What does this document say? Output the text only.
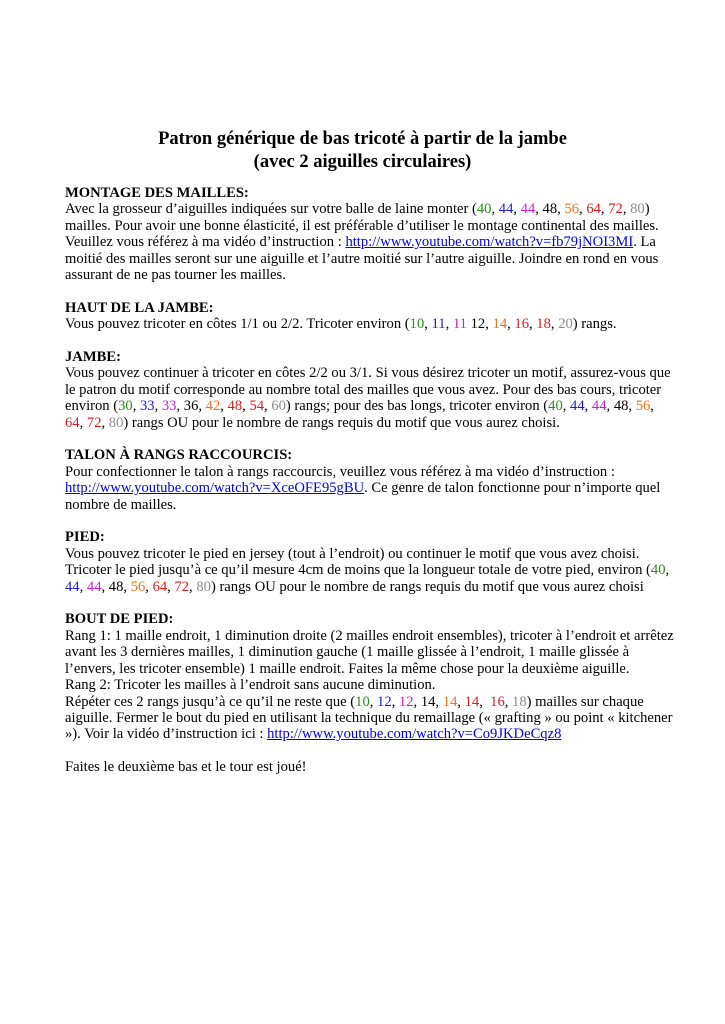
Patron générique de bas tricoté à partir de la jambe
(avec 2 aiguilles circulaires)
MONTAGE DES MAILLES:
Avec la grosseur d’aiguilles indiquées sur votre balle de laine monter (40, 44, 44, 48, 56, 64, 72, 80) mailles. Pour avoir une bonne élasticité, il est préférable d’utiliser le montage continental des mailles. Veuillez vous référez à ma vidéo d’instruction : http://www.youtube.com/watch?v=fb79jNOI3MI. La moitié des mailles seront sur une aiguille et l’autre moitié sur l’autre aiguille. Joindre en rond en vous assurant de ne pas tourner les mailles.
HAUT DE LA JAMBE:
Vous pouvez tricoter en côtes 1/1 ou 2/2. Tricoter environ (10, 11, 11 12, 14, 16, 18, 20) rangs.
JAMBE:
Vous pouvez continuer à tricoter en côtes 2/2 ou 3/1. Si vous désirez tricoter un motif, assurez-vous que le patron du motif corresponde au nombre total des mailles que vous avez. Pour des bas cours, tricoter environ (30, 33, 33, 36, 42, 48, 54, 60) rangs; pour des bas longs, tricoter environ (40, 44, 44, 48, 56, 64, 72, 80) rangs OU pour le nombre de rangs requis du motif que vous aurez choisi.
TALON À RANGS RACCOURCIS:
Pour confectionner le talon à rangs raccourcis, veuillez vous référez à ma vidéo d’instruction : http://www.youtube.com/watch?v=XceOFE95gBU. Ce genre de talon fonctionne pour n’importe quel nombre de mailles.
PIED:
Vous pouvez tricoter le pied en jersey (tout à l’endroit) ou continuer le motif que vous avez choisi. Tricoter le pied jusqu’à ce qu’il mesure 4cm de moins que la longueur totale de votre pied, environ (40, 44, 44, 48, 56, 64, 72, 80) rangs OU pour le nombre de rangs requis du motif que vous aurez choisi
BOUT DE PIED:
Rang 1: 1 maille endroit, 1 diminution droite (2 mailles endroit ensembles), tricoter à l’endroit et arrêtez avant les 3 dernières mailles, 1 diminution gauche (1 maille glissée à l’endroit, 1 maille glissée à l’envers, les tricoter ensemble) 1 maille endroit. Faites la même chose pour la deuxième aiguille.
Rang 2: Tricoter les mailles à l’endroit sans aucune diminution.
Répéter ces 2 rangs jusqu’à ce qu’il ne reste que (10, 12, 12, 14, 14, 14,  16, 18) mailles sur chaque aiguille. Fermer le bout du pied en utilisant la technique du remaillage (« grafting » ou point « kitchener »). Voir la vidéo d’instruction ici : http://www.youtube.com/watch?v=Co9JKDeCqz8
Faites le deuxième bas et le tour est joué!
